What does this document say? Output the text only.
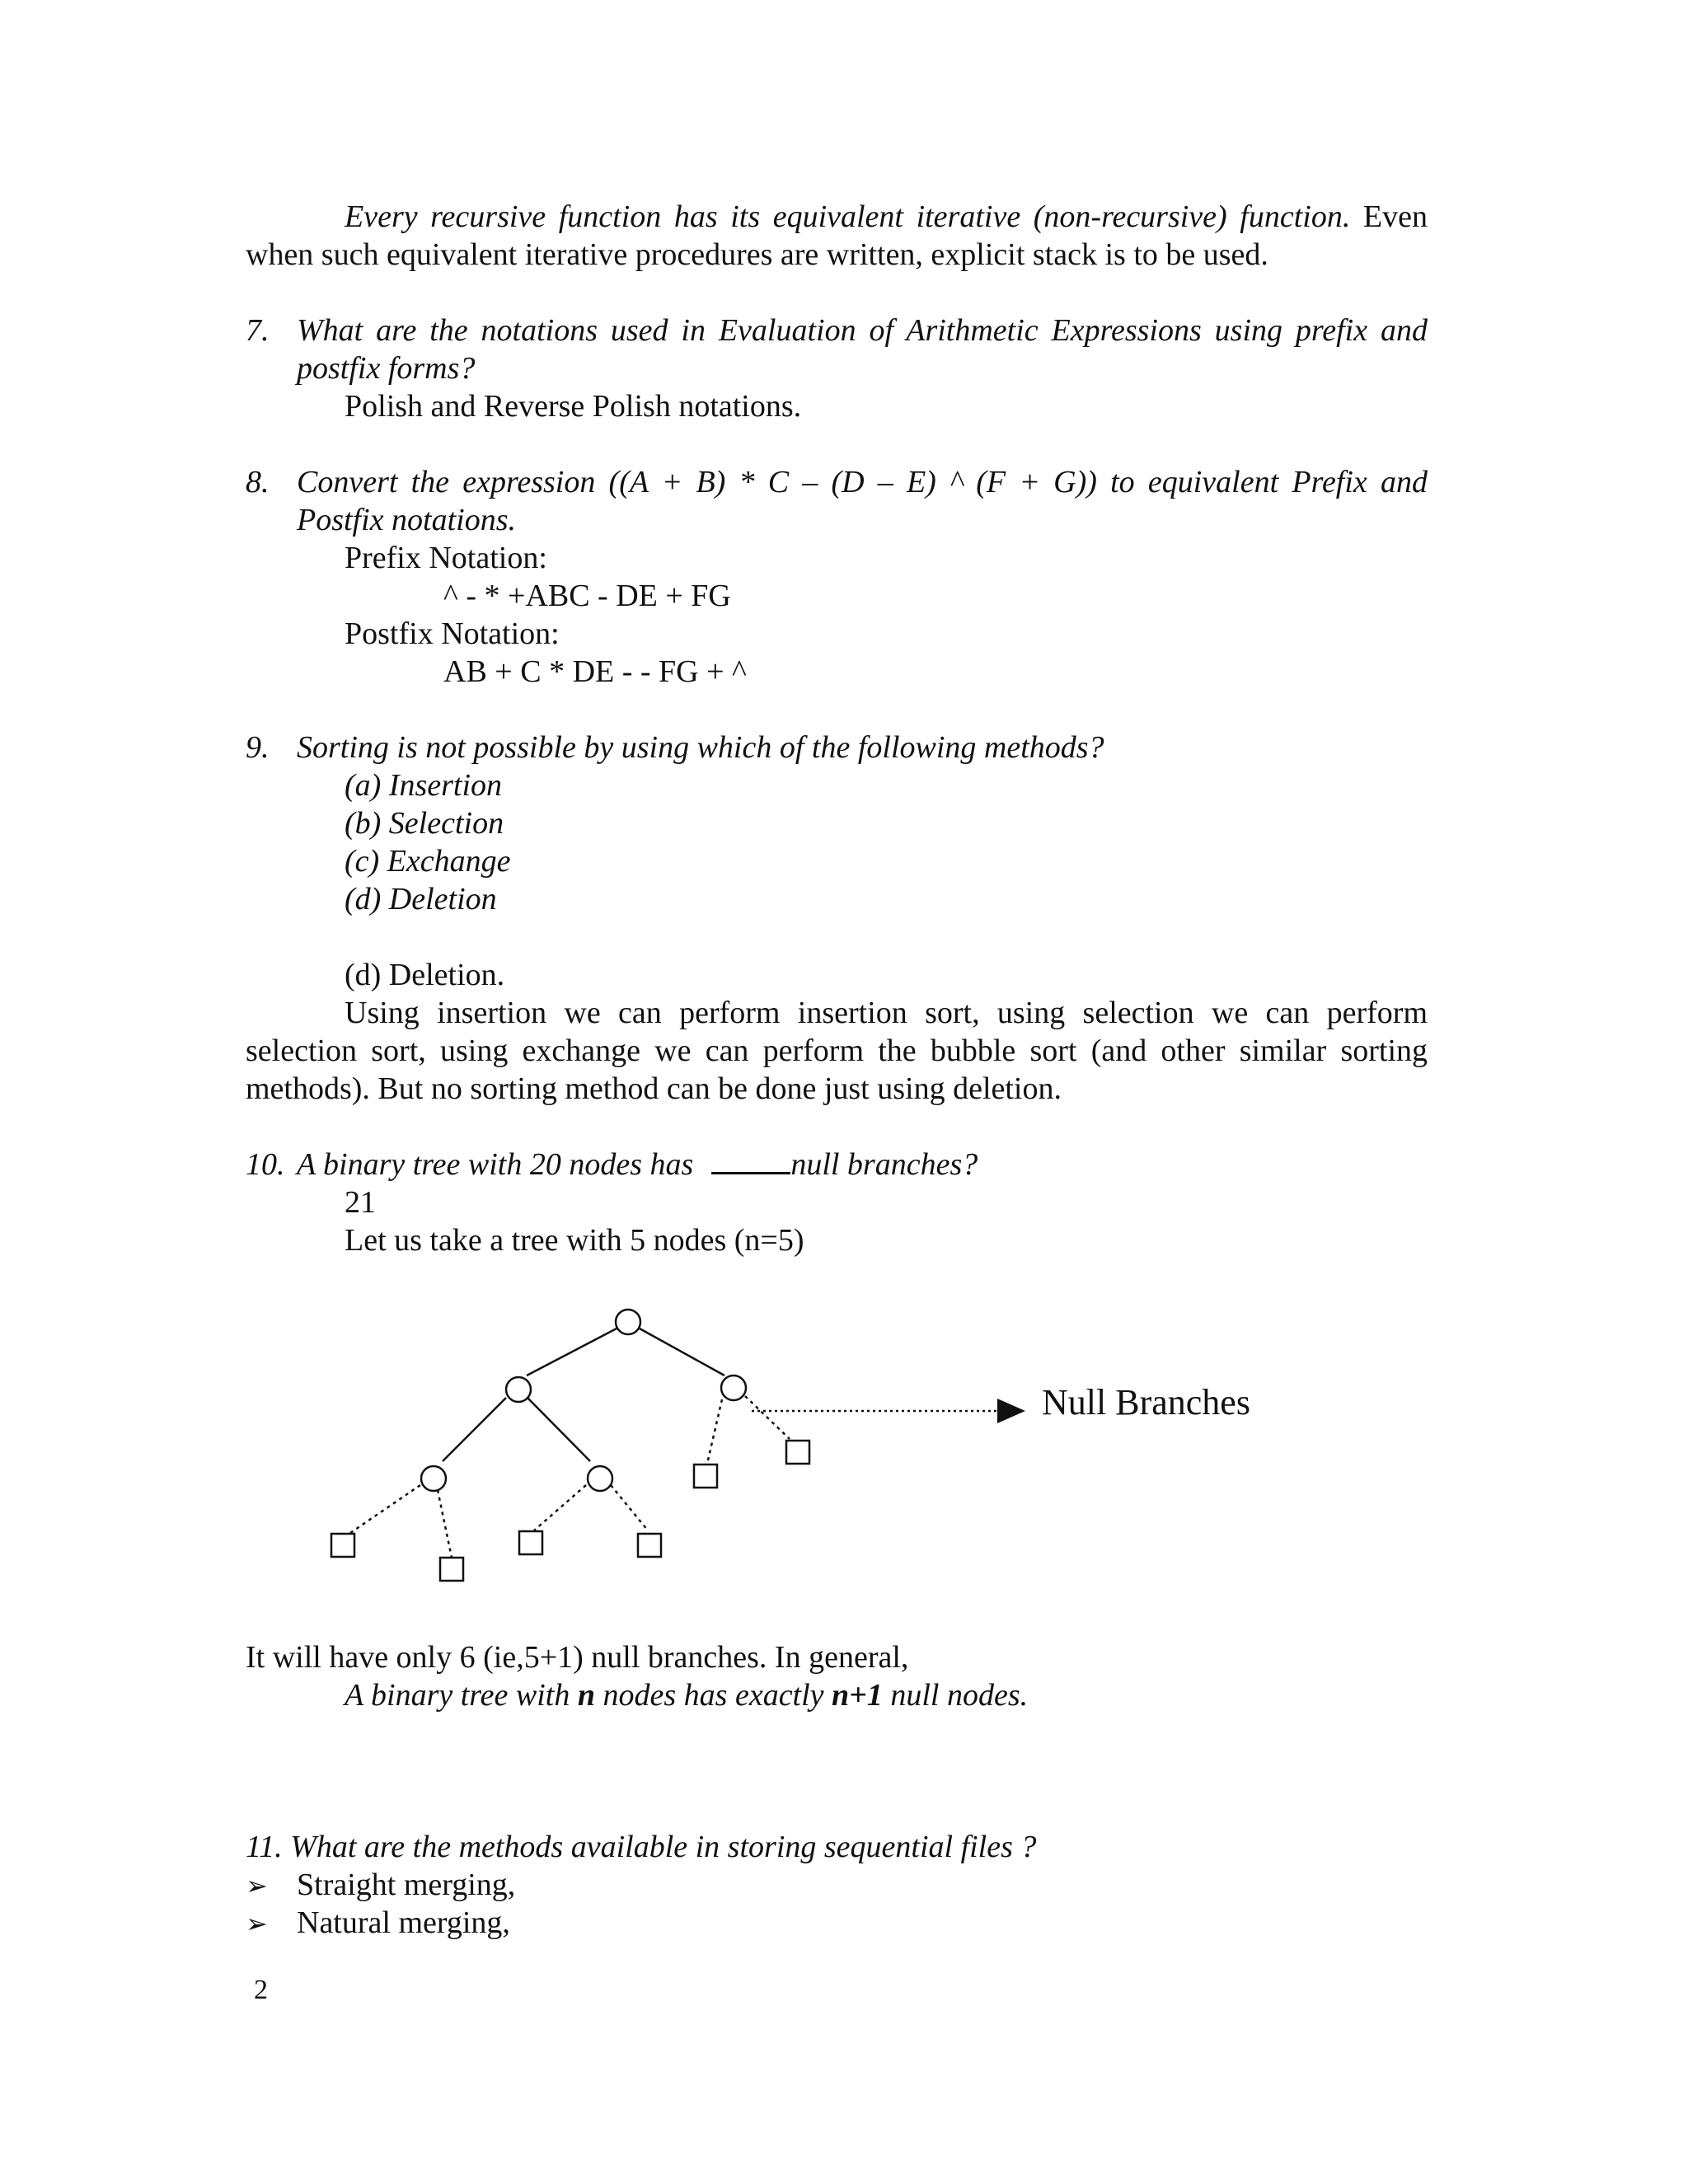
Every recursive function has its equivalent iterative (non-recursive) function. Even
when such equivalent iterative procedures are written, explicit stack is to be used.
7. What are the notations used in Evaluation of Arithmetic Expressions using prefix and
postfix forms?
Polish and Reverse Polish notations.
8. Convert the expression ((A + B) * C – (D – E) ^ (F + G)) to equivalent Prefix and
Postfix notations.
Prefix Notation:
^ - * +ABC - DE + FG
Postfix Notation:
AB + C * DE - - FG + ^
9. Sorting is not possible by using which of the following methods?
(a) Insertion
(b) Selection
(c) Exchange
(d) Deletion
(d) Deletion.
Using insertion we can perform insertion sort, using selection we can perform
selection sort, using exchange we can perform the bubble sort (and other similar sorting
methods). But no sorting method can be done just using deletion.
10. A binary tree with 20 nodes has	null branches?
21
Let us take a tree with 5 nodes (n=5)
Null Branches
It will have only 6 (ie,5+1) null branches. In general,
A binary tree with n nodes has exactly n+1 null nodes.
11. What are the methods available in storing sequential files ?
➢ Straight merging,
➢ Natural merging,
2
